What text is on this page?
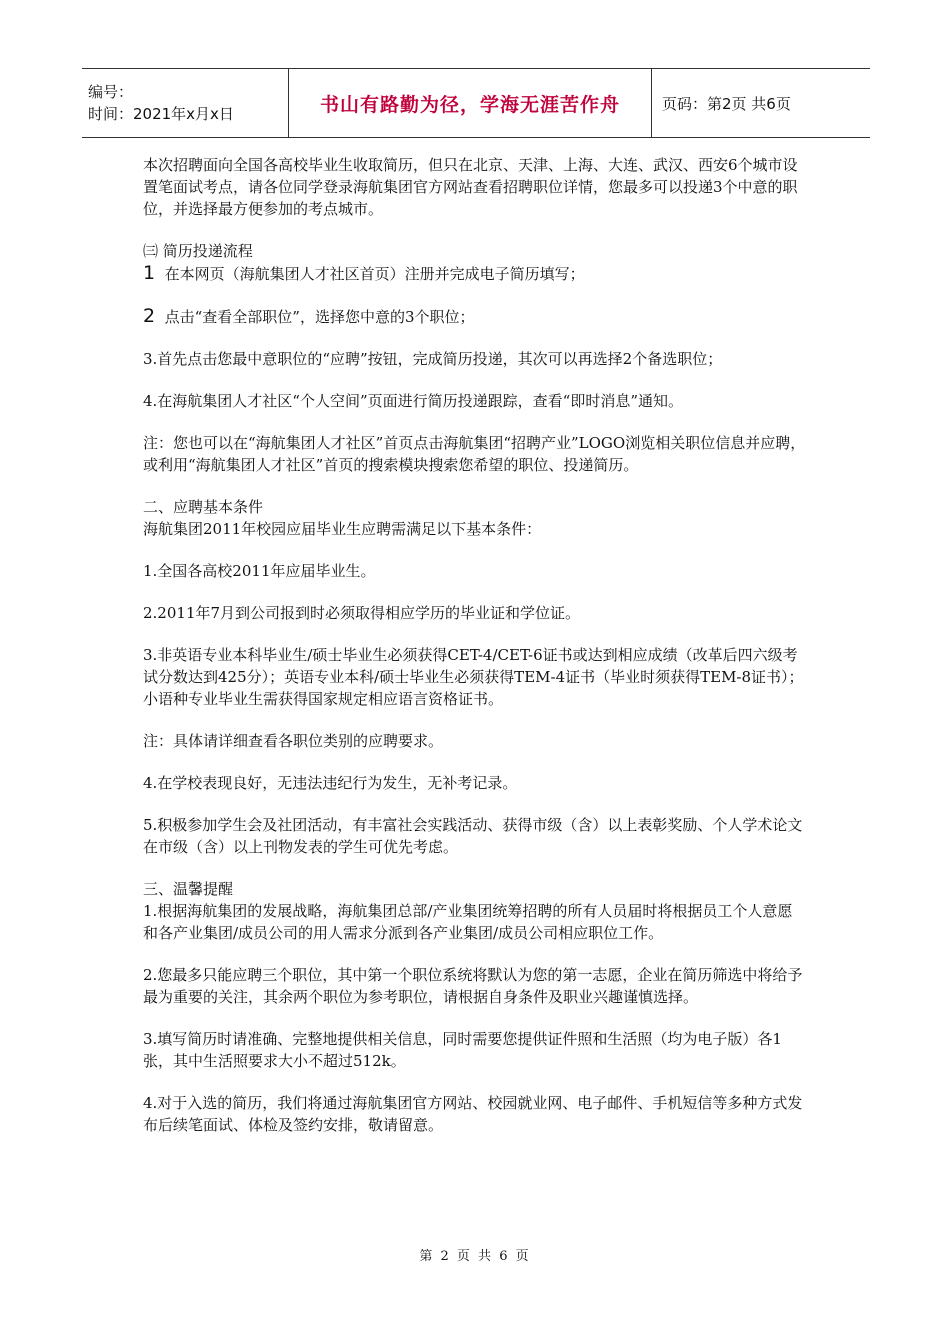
编号：
时间：2021年x月x日	书山有路勤为径，学海无涯苦作舟	页码：第2页 共6页

本次招聘面向全国各高校毕业生收取简历，但只在北京、天津、上海、大连、武汉、西安6个城市设置笔面试考点，请各位同学登录海航集团官方网站查看招聘职位详情，您最多可以投递3个中意的职位，并选择最方便参加的考点城市。

㈢ 简历投递流程

1 在本网页（海航集团人才社区首页）注册并完成电子简历填写；

2 点击“查看全部职位”，选择您中意的3个职位；

3.首先点击您最中意职位的“应聘”按钮，完成简历投递，其次可以再选择2个备选职位；

4.在海航集团人才社区“个人空间”页面进行简历投递跟踪，查看“即时消息”通知。

注：您也可以在“海航集团人才社区”首页点击海航集团“招聘产业”LOGO浏览相关职位信息并应聘，或利用“海航集团人才社区”首页的搜索模块搜索您希望的职位、投递简历。

二、应聘基本条件

海航集团2011年校园应届毕业生应聘需满足以下基本条件：

1.全国各高校2011年应届毕业生。

2.2011年7月到公司报到时必须取得相应学历的毕业证和学位证。

3.非英语专业本科毕业生/硕士毕业生必须获得CET-4/CET-6证书或达到相应成绩（改革后四六级考试分数达到425分）；英语专业本科/硕士毕业生必须获得TEM-4证书（毕业时须获得TEM-8证书）；小语种专业毕业生需获得国家规定相应语言资格证书。

注：具体请详细查看各职位类别的应聘要求。

4.在学校表现良好，无违法违纪行为发生，无补考记录。

5.积极参加学生会及社团活动，有丰富社会实践活动、获得市级（含）以上表彰奖励、个人学术论文在市级（含）以上刊物发表的学生可优先考虑。

三、温馨提醒

1.根据海航集团的发展战略，海航集团总部/产业集团统筹招聘的所有人员届时将根据员工个人意愿和各产业集团/成员公司的用人需求分派到各产业集团/成员公司相应职位工作。

2.您最多只能应聘三个职位，其中第一个职位系统将默认为您的第一志愿，企业在简历筛选中将给予最为重要的关注，其余两个职位为参考职位，请根据自身条件及职业兴趣谨慎选择。

3.填写简历时请准确、完整地提供相关信息，同时需要您提供证件照和生活照（均为电子版）各1张，其中生活照要求大小不超过512k。

4.对于入选的简历，我们将通过海航集团官方网站、校园就业网、电子邮件、手机短信等多种方式发布后续笔面试、体检及签约安排，敬请留意。

第 2 页 共 6 页
